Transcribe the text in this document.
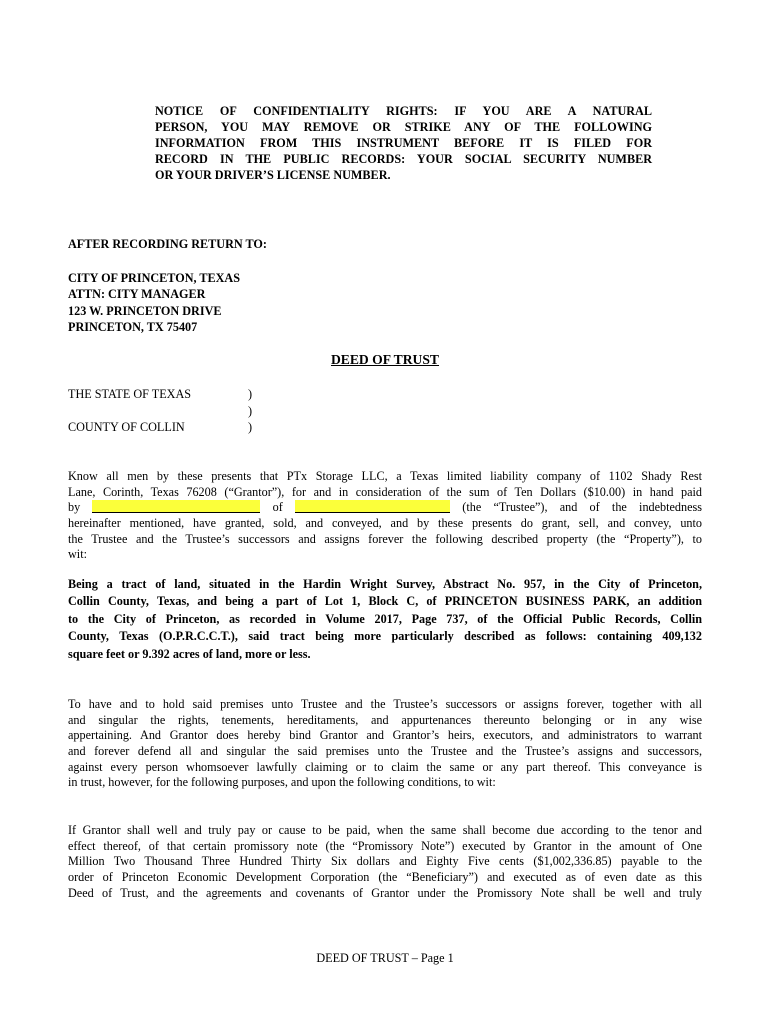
NOTICE OF CONFIDENTIALITY RIGHTS: IF YOU ARE A NATURAL
PERSON, YOU MAY REMOVE OR STRIKE ANY OF THE FOLLOWING
INFORMATION FROM THIS INSTRUMENT BEFORE IT IS FILED FOR
RECORD IN THE PUBLIC RECORDS: YOUR SOCIAL SECURITY NUMBER
OR YOUR DRIVER’S LICENSE NUMBER.
AFTER RECORDING RETURN TO:
CITY OF PRINCETON, TEXAS
ATTN: CITY MANAGER
123 W. PRINCETON DRIVE
PRINCETON, TX 75407
DEED OF TRUST
THE STATE OF TEXAS	)
)
COUNTY OF COLLIN	)
Know all men by these presents that PTx Storage LLC, a Texas limited liability company of 1102 Shady Rest
Lane, Corinth, Texas 76208 (“Grantor”), for and in consideration of the sum of Ten Dollars ($10.00) in hand paid
by	of	(the “Trustee”), and of the indebtedness
hereinafter mentioned, have granted, sold, and conveyed, and by these presents do grant, sell, and convey, unto
the Trustee and the Trustee’s successors and assigns forever the following described property (the “Property”), to
wit:
Being a tract of land, situated in the Hardin Wright Survey, Abstract No. 957, in the City of Princeton,
Collin County, Texas, and being a part of Lot 1, Block C, of PRINCETON BUSINESS PARK, an addition
to the City of Princeton, as recorded in Volume 2017, Page 737, of the Official Public Records, Collin
County, Texas (O.P.R.C.C.T.), said tract being more particularly described as follows: containing 409,132
square feet or 9.392 acres of land, more or less.
To have and to hold said premises unto Trustee and the Trustee’s successors or assigns forever, together with all
and singular the rights, tenements, hereditaments, and appurtenances thereunto belonging or in any wise
appertaining. And Grantor does hereby bind Grantor and Grantor’s heirs, executors, and administrators to warrant
and forever defend all and singular the said premises unto the Trustee and the Trustee’s assigns and successors,
against every person whomsoever lawfully claiming or to claim the same or any part thereof. This conveyance is
in trust, however, for the following purposes, and upon the following conditions, to wit:
If Grantor shall well and truly pay or cause to be paid, when the same shall become due according to the tenor and
effect thereof, of that certain promissory note (the “Promissory Note”) executed by Grantor in the amount of One
Million Two Thousand Three Hundred Thirty Six dollars and Eighty Five cents ($1,002,336.85) payable to the
order of Princeton Economic Development Corporation (the “Beneficiary”) and executed as of even date as this
Deed of Trust, and the agreements and covenants of Grantor under the Promissory Note shall be well and truly
DEED OF TRUST – Page 1
